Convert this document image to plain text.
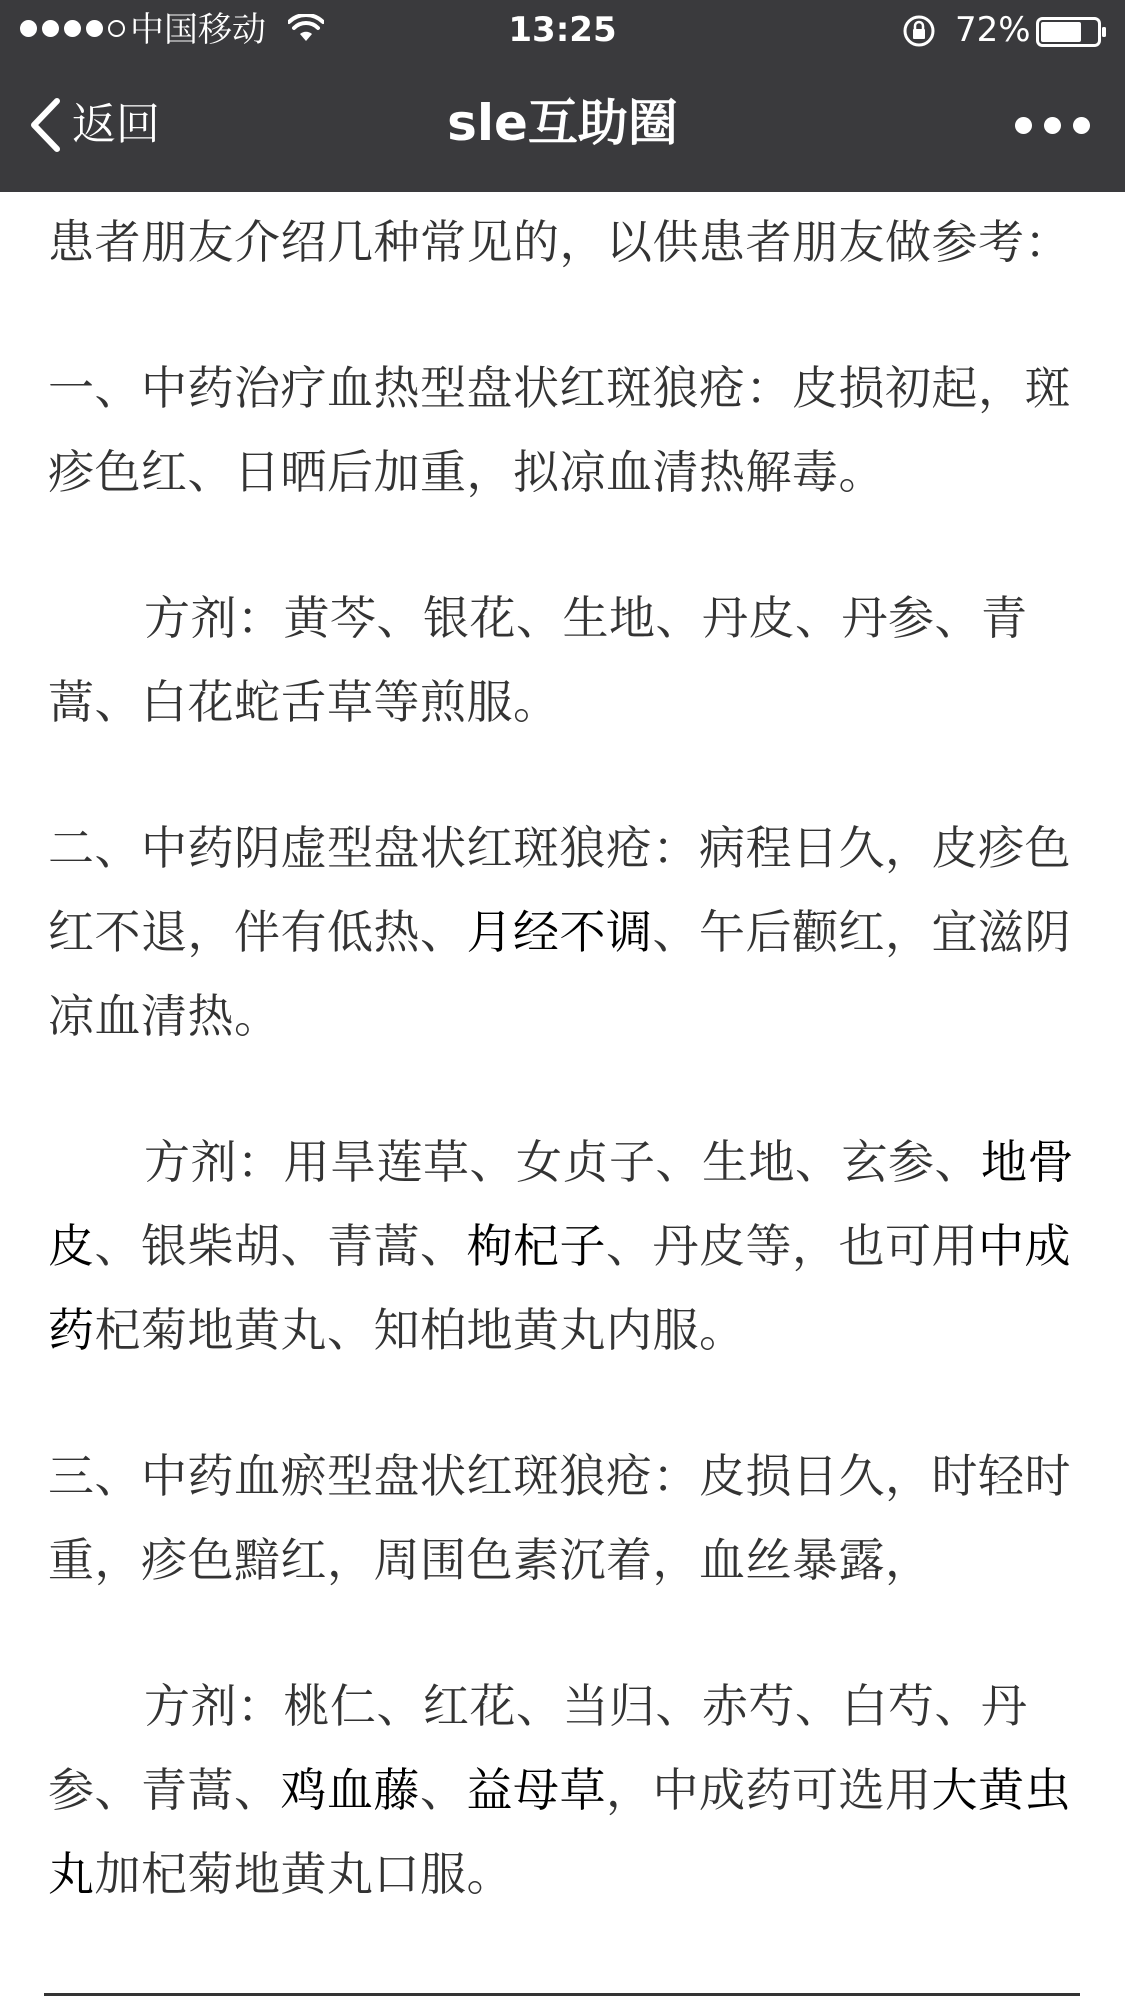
中国移动	13:25	72%
返回	sle互助圈

患者朋友介绍几种常见的，以供患者朋友做参考：

一、中药治疗血热型盘状红斑狼疮：皮损初起，斑疹色红、日晒后加重，拟凉血清热解毒。

方剂：黄芩、银花、生地、丹皮、丹参、青蒿、白花蛇舌草等煎服。

二、中药阴虚型盘状红斑狼疮：病程日久，皮疹色红不退，伴有低热、月经不调、午后颧红，宜滋阴凉血清热。

方剂：用旱莲草、女贞子、生地、玄参、地骨皮、银柴胡、青蒿、枸杞子、丹皮等，也可用中成药杞菊地黄丸、知柏地黄丸内服。

三、中药血瘀型盘状红斑狼疮：皮损日久，时轻时重，疹色黯红，周围色素沉着，血丝暴露，

方剂：桃仁、红花、当归、赤芍、白芍、丹参、青蒿、鸡血藤、益母草，中成药可选用大黄虫丸加杞菊地黄丸口服。
